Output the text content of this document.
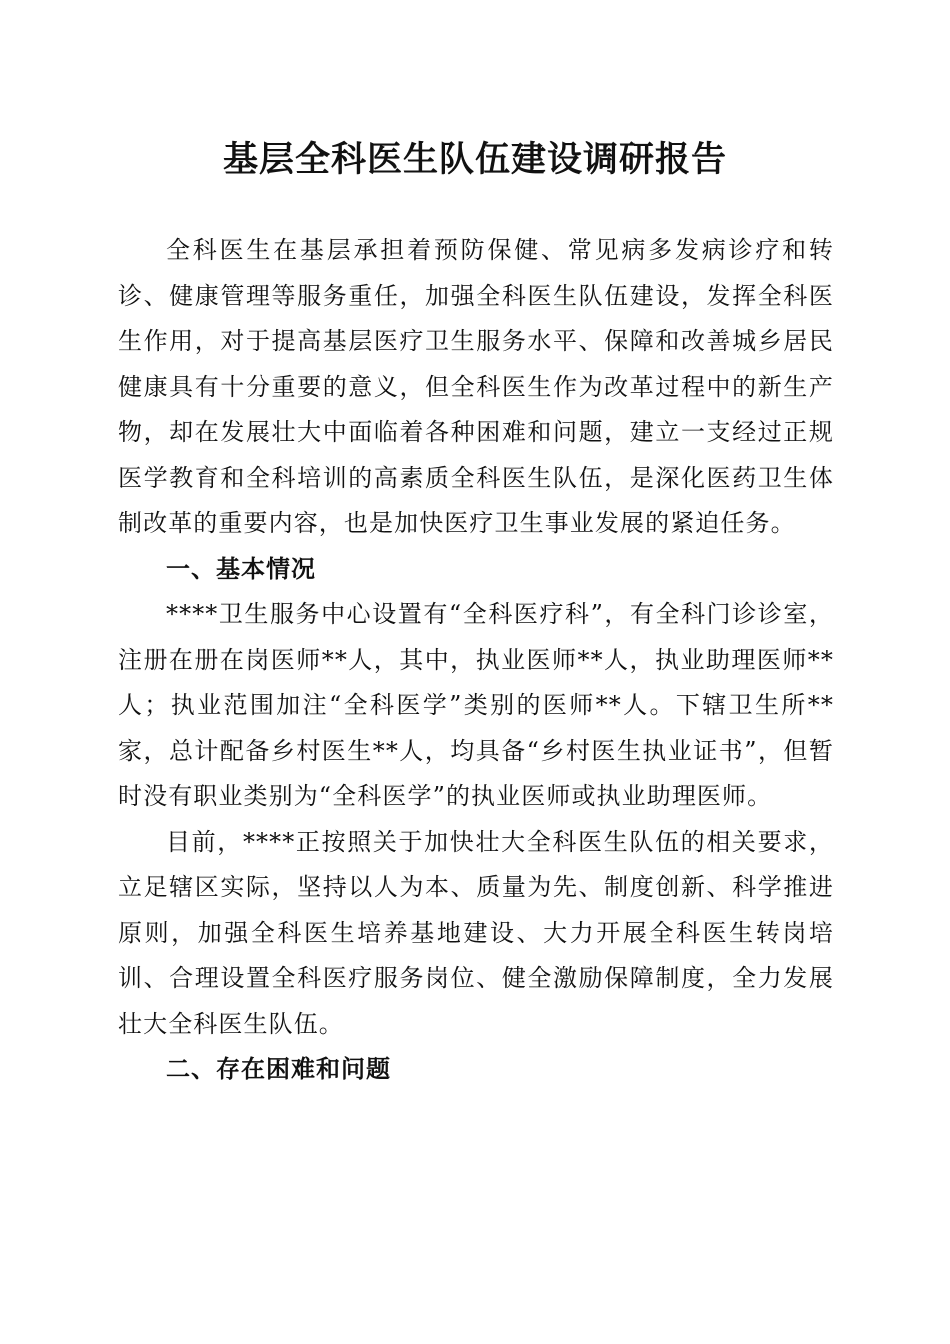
基层全科医生队伍建设调研报告

全科医生在基层承担着预防保健、常见病多发病诊疗和转诊、健康管理等服务重任，加强全科医生队伍建设，发挥全科医生作用，对于提高基层医疗卫生服务水平、保障和改善城乡居民健康具有十分重要的意义，但全科医生作为改革过程中的新生产物，却在发展壮大中面临着各种困难和问题，建立一支经过正规医学教育和全科培训的高素质全科医生队伍，是深化医药卫生体制改革的重要内容，也是加快医疗卫生事业发展的紧迫任务。

一、基本情况

****卫生服务中心设置有“全科医疗科”，有全科门诊诊室，注册在册在岗医师**人，其中，执业医师**人，执业助理医师**人；执业范围加注“全科医学”类别的医师**人。下辖卫生所**家，总计配备乡村医生**人，均具备“乡村医生执业证书”，但暂时没有职业类别为“全科医学”的执业医师或执业助理医师。

目前，****正按照关于加快壮大全科医生队伍的相关要求，立足辖区实际，坚持以人为本、质量为先、制度创新、科学推进原则，加强全科医生培养基地建设、大力开展全科医生转岗培训、合理设置全科医疗服务岗位、健全激励保障制度，全力发展壮大全科医生队伍。

二、存在困难和问题
